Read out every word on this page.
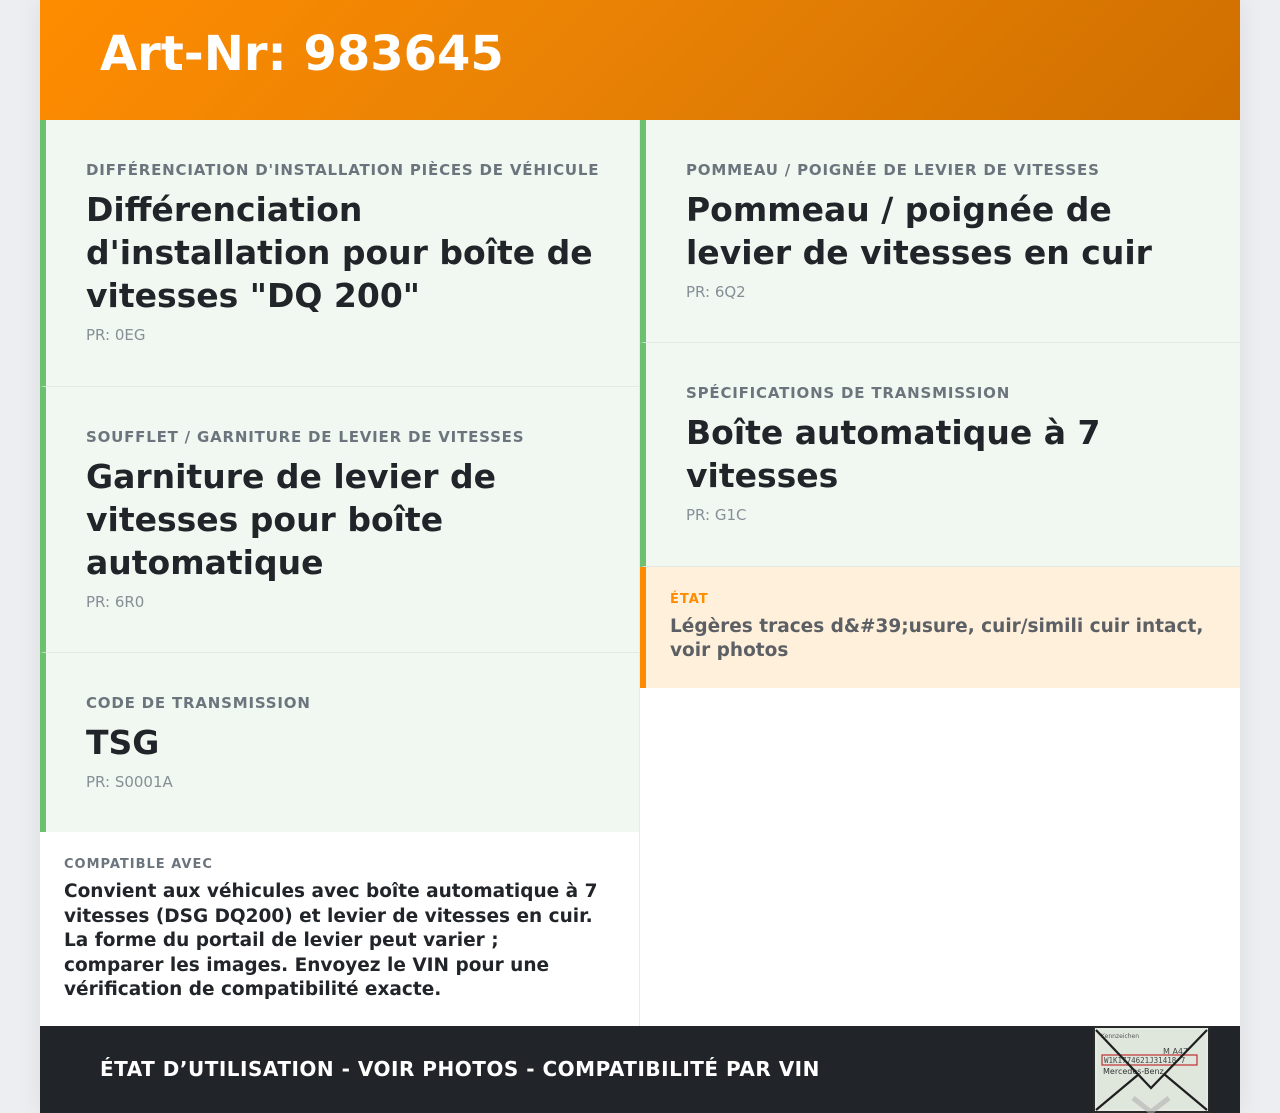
Art-Nr: 983645
DIFFÉRENCIATION D'INSTALLATION PIÈCES DE VÉHICULE
Différenciation d'installation pour boîte de vitesses "DQ 200"
PR: 0EG
SOUFFLET / GARNITURE DE LEVIER DE VITESSES
Garniture de levier de vitesses pour boîte automatique
PR: 6R0
CODE DE TRANSMISSION
TSG
PR: S0001A
POMMEAU / POIGNÉE DE LEVIER DE VITESSES
Pommeau / poignée de levier de vitesses en cuir
PR: 6Q2
SPÉCIFICATIONS DE TRANSMISSION
Boîte automatique à 7 vitesses
PR: G1C
ÉTAT
Légères traces d&#39;usure, cuir/simili cuir intact, voir photos
COMPATIBLE AVEC
Convient aux véhicules avec boîte automatique à 7 vitesses (DSG DQ200) et levier de vitesses en cuir. La forme du portail de levier peut varier ; comparer les images. Envoyez le VIN pour une vérification de compatibilité exacte.
ÉTAT D’UTILISATION - VOIR PHOTOS - COMPATIBILITÉ PAR VIN
Kennzeichen
M A47
W1K1774621J31418 7
Mercedes-Benz
